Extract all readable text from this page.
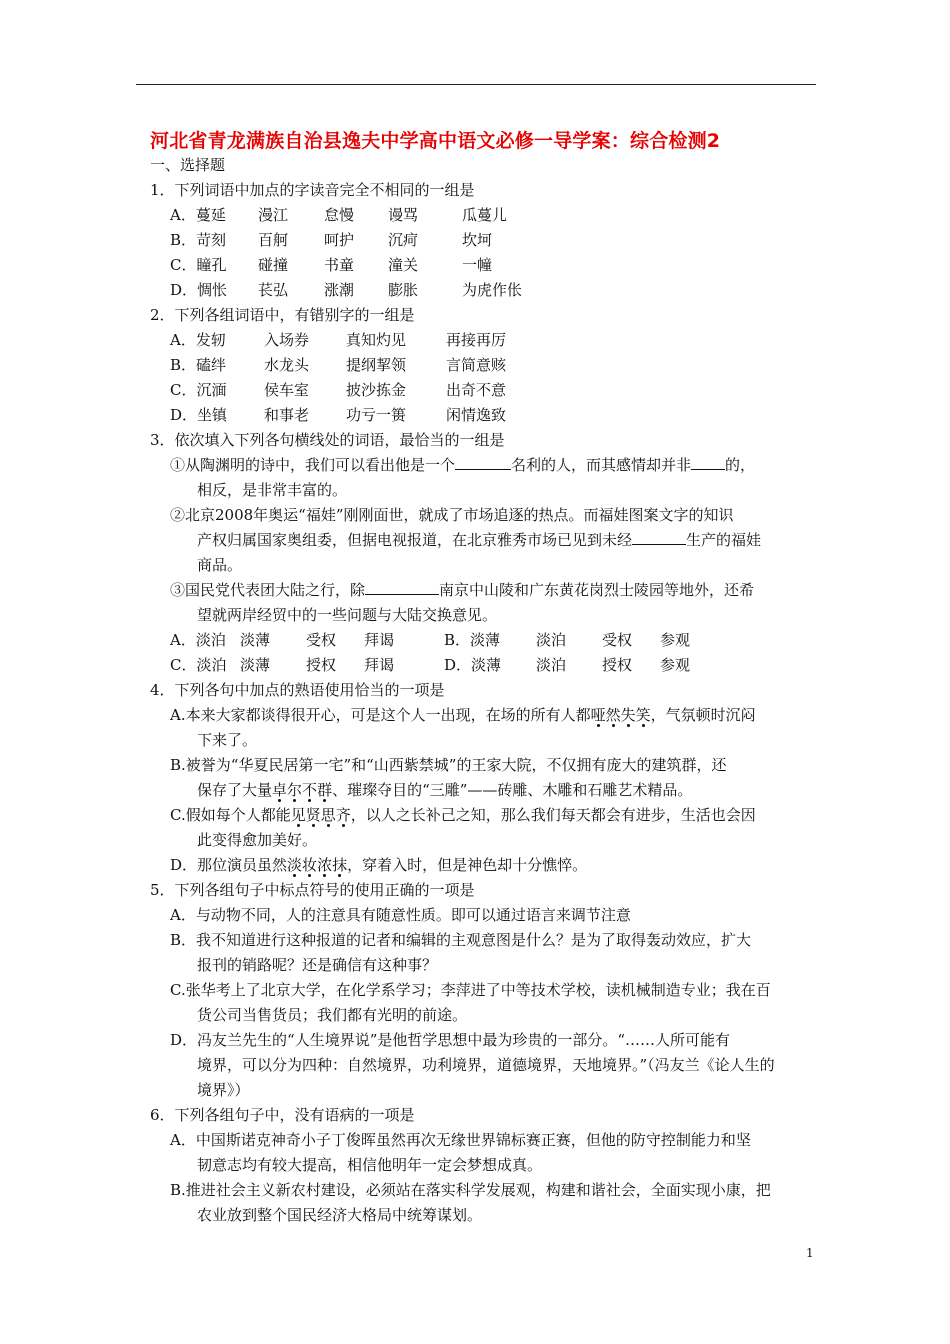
河北省青龙满族自治县逸夫中学高中语文必修一导学案：综合检测2
一、选择题
1．下列词语中加点的字读音完全不相同的一组是
A．蔓延 漫江 怠慢 谩骂	瓜蔓儿
B．苛刻 百舸 呵护 沉疴	坎坷
C．瞳孔 碰撞 书童 潼关	一幢
D．惆怅 苌弘 涨潮 膨胀	为虎作伥
2．下列各组词语中，有错别字的一组是
A．发轫	入场券 真知灼见	再接再厉
B．磕绊	水龙头 提纲挈领	言简意赅
C．沉湎	侯车室 披沙拣金	出奇不意
D．坐镇 和事老 功亏一篑	闲情逸致
3．依次填入下列各句横线处的词语，最恰当的一组是
①从陶渊明的诗中，我们可以看出他是一个	名利的人，而其感情却并非 的，
相反，是非常丰富的。
②北京2008年奥运“福娃”刚刚面世，就成了市场追逐的热点。而福娃图案文字的知识
产权归属国家奥组委，但据电视报道，在北京雅秀市场已见到未经	生产的福娃
商品。
③国民党代表团大陆之行，除	南京中山陵和广东黄花岗烈士陵园等地外，还希
望就两岸经贸中的一些问题与大陆交换意见。
A．淡泊 淡薄 受权 拜谒	B．淡薄 淡泊 受权 参观
C．淡泊 淡薄 授权 拜谒	D．淡薄 淡泊 授权 参观
4．下列各句中加点的熟语使用恰当的一项是
A.本来大家都谈得很开心，可是这个人一出现，在场的所有人都哑然失笑，气氛顿时沉闷
下来了。
B.被誉为“华夏民居第一宅”和“山西紫禁城”的王家大院，不仅拥有庞大的建筑群，还
保存了大量卓尔不群、璀璨夺目的“三雕”——砖雕、木雕和石雕艺术精品。
C.假如每个人都能见贤思齐，以人之长补己之知，那么我们每天都会有进步，生活也会因
此变得愈加美好。
D．那位演员虽然淡妆浓抹，穿着入时，但是神色却十分憔悴。
5．下列各组句子中标点符号的使用正确的一项是
A．与动物不同，人的注意具有随意性质。即可以通过语言来调节注意
B．我不知道进行这种报道的记者和编辑的主观意图是什么？是为了取得轰动效应，扩大
报刊的销路呢？还是确信有这种事？
C.张华考上了北京大学，在化学系学习；李萍进了中等技术学校，读机械制造专业；我在百
货公司当售货员；我们都有光明的前途。
D．冯友兰先生的“人生境界说”是他哲学思想中最为珍贵的一部分。“……人所可能有
境界，可以分为四种：自然境界，功利境界，道德境界，天地境界。”（冯友兰《论人生的
境界》）
6．下列各组句子中，没有语病的一项是
A．中国斯诺克神奇小子丁俊晖虽然再次无缘世界锦标赛正赛，但他的防守控制能力和坚
韧意志均有较大提高，相信他明年一定会梦想成真。
B.推进社会主义新农村建设，必须站在落实科学发展观，构建和谐社会，全面实现小康，把
农业放到整个国民经济大格局中统筹谋划。
1
